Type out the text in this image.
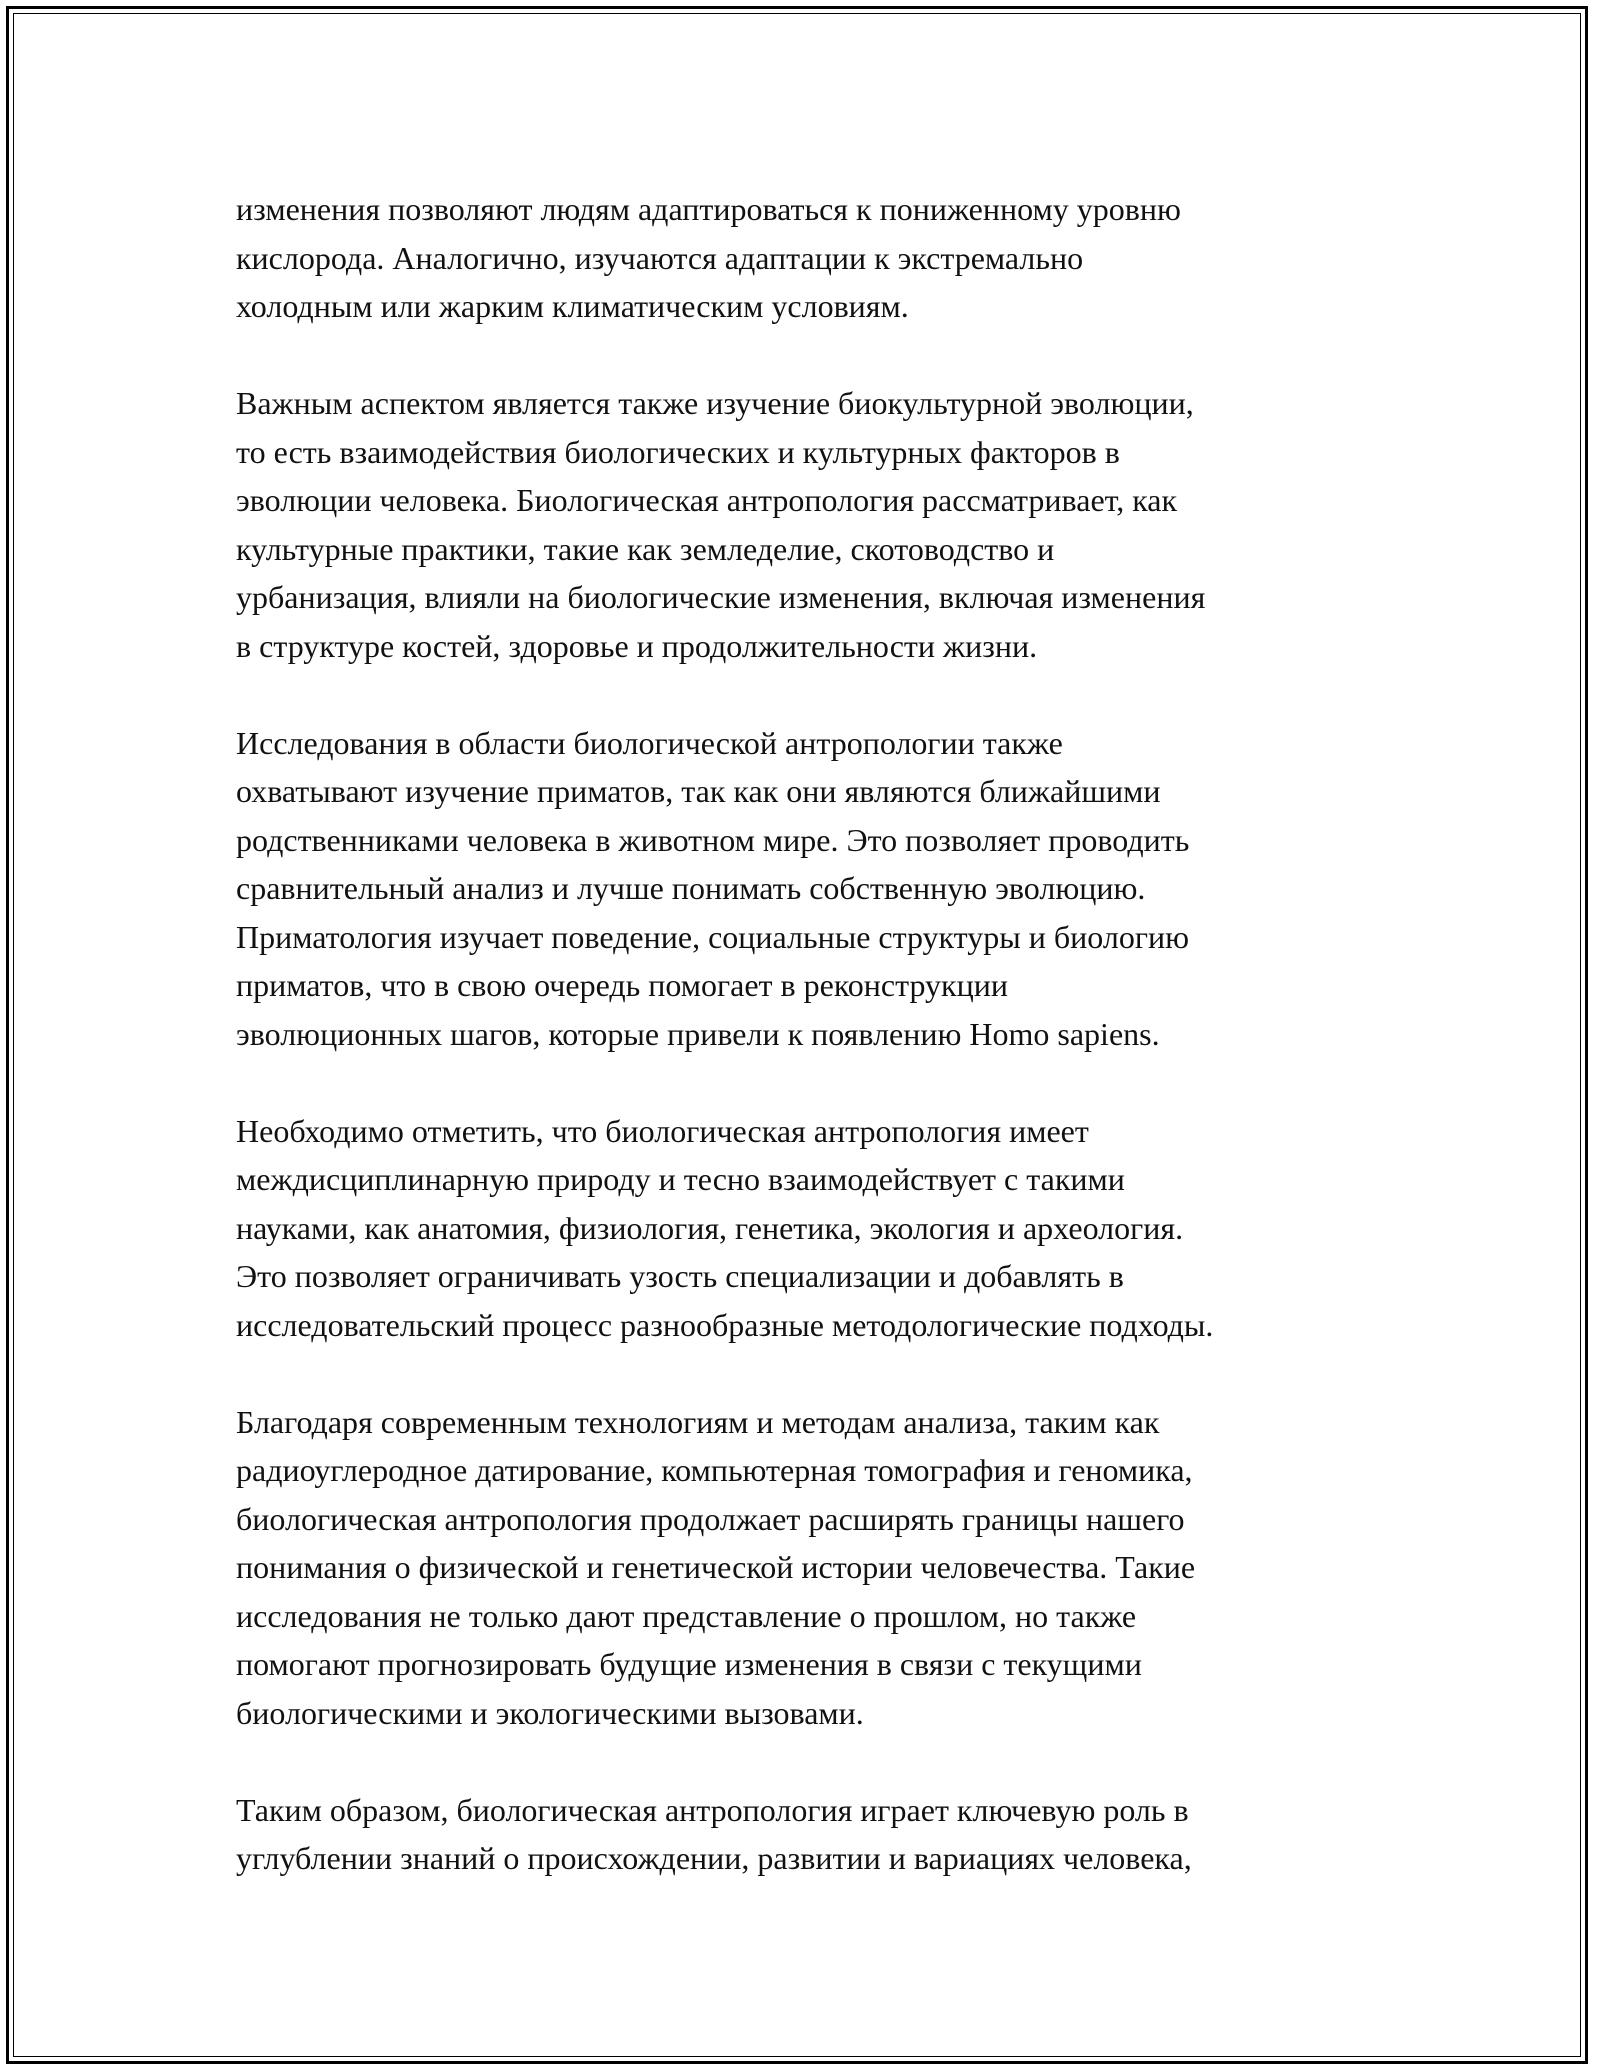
изменения позволяют людям адаптироваться к пониженному уровню
кислорода. Аналогично, изучаются адаптации к экстремально
холодным или жарким климатическим условиям.

Важным аспектом является также изучение биокультурной эволюции,
то есть взаимодействия биологических и культурных факторов в
эволюции человека. Биологическая антропология рассматривает, как
культурные практики, такие как земледелие, скотоводство и
урбанизация, влияли на биологические изменения, включая изменения
в структуре костей, здоровье и продолжительности жизни.

Исследования в области биологической антропологии также
охватывают изучение приматов, так как они являются ближайшими
родственниками человека в животном мире. Это позволяет проводить
сравнительный анализ и лучше понимать собственную эволюцию.
Приматология изучает поведение, социальные структуры и биологию
приматов, что в свою очередь помогает в реконструкции
эволюционных шагов, которые привели к появлению Homo sapiens.

Необходимо отметить, что биологическая антропология имеет
междисциплинарную природу и тесно взаимодействует с такими
науками, как анатомия, физиология, генетика, экология и археология.
Это позволяет ограничивать узость специализации и добавлять в
исследовательский процесс разнообразные методологические подходы.

Благодаря современным технологиям и методам анализа, таким как
радиоуглеродное датирование, компьютерная томография и геномика,
биологическая антропология продолжает расширять границы нашего
понимания о физической и генетической истории человечества. Такие
исследования не только дают представление о прошлом, но также
помогают прогнозировать будущие изменения в связи с текущими
биологическими и экологическими вызовами.

Таким образом, биологическая антропология играет ключевую роль в
углублении знаний о происхождении, развитии и вариациях человека,
